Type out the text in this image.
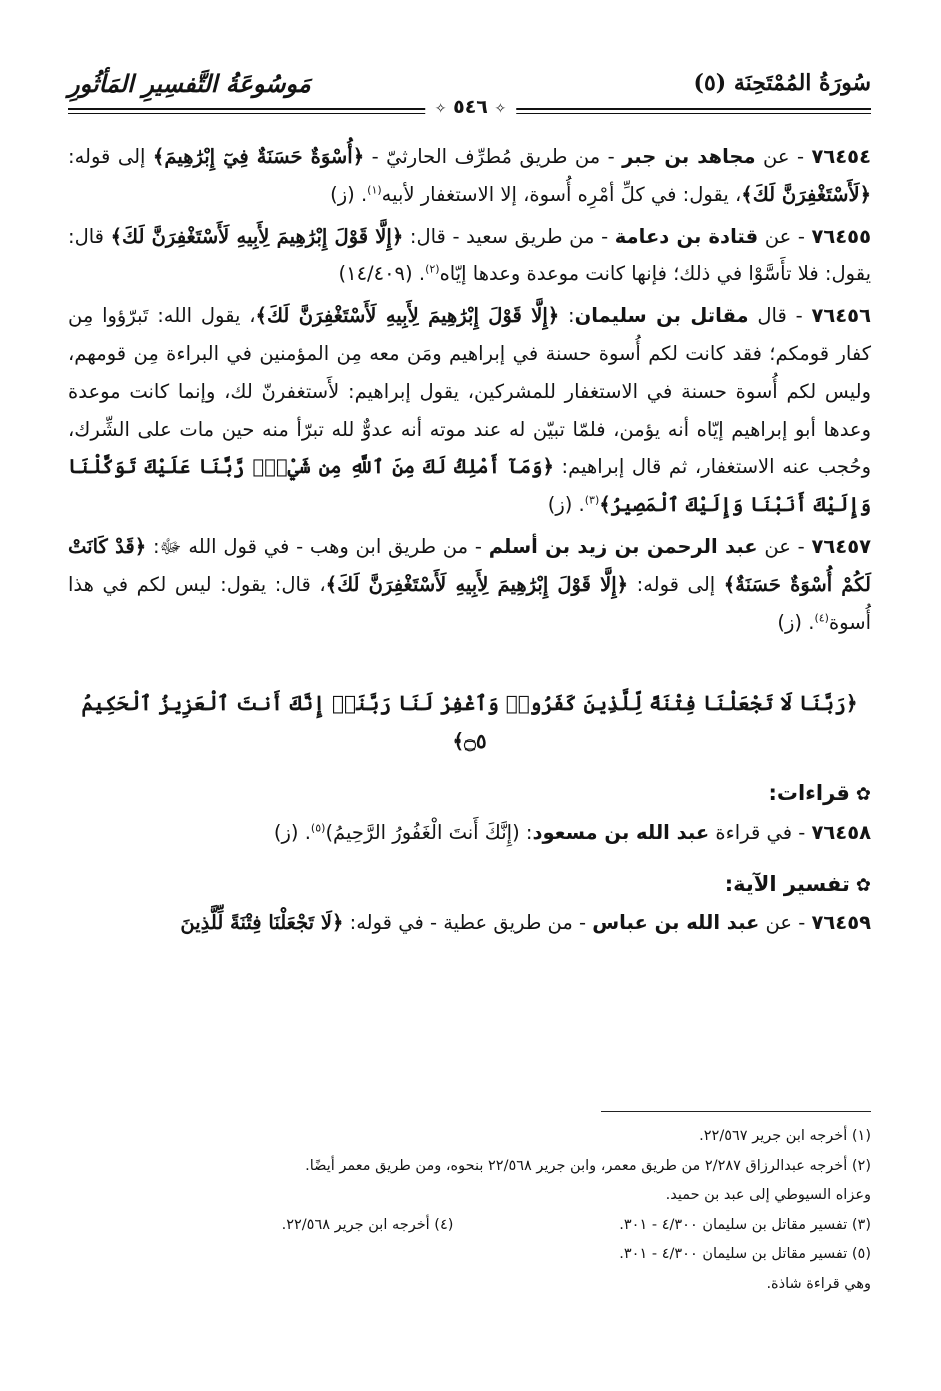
سُورَةُ المُمْتَحِنَة (٥)
مَوسُوعَةُ التَّفسِيرِ المَأثُورِ
✧ ٥٤٦ ✧

٧٦٤٥٤ - عن مجاهد بن جبر - من طريق مُطرِّف الحارثيّ - ﴿أُسْوَةٌ حَسَنَةٌ فِيٓ إِبْرَٰهِيمَ﴾ إلى قوله: ﴿لَأَسْتَغْفِرَنَّ لَكَ﴾، يقول: في كلِّ أمْرِه أُسوة، إلا الاستغفار لأبيه$^{(١)}$. (ز)

٧٦٤٥٥ - عن قتادة بن دعامة - من طريق سعيد - قال: ﴿إِلَّا قَوْلَ إِبْرَٰهِيمَ لِأَبِيهِ لَأَسْتَغْفِرَنَّ لَكَ﴾ قال: يقول: فلا تأَسَّوْا في ذلك؛ فإنها كانت موعدة وعدها إيّاه$^{(٢)}$. (١٤/٤٠٩)

٧٦٤٥٦ - قال مقاتل بن سليمان: ﴿إِلَّا قَوْلَ إِبْرَٰهِيمَ لِأَبِيهِ لَأَسْتَغْفِرَنَّ لَكَ﴾، يقول الله: تَبرّؤوا مِن كفار قومكم؛ فقد كانت لكم أُسوة حسنة في إبراهيم ومَن معه مِن المؤمنين في البراءة مِن قومهم، وليس لكم أُسوة حسنة في الاستغفار للمشركين، يقول إبراهيم: لأَستغفرنّ لك، وإنما كانت موعدة وعدها أبو إبراهيم إيّاه أنه يؤمن، فلمّا تبيّن له عند موته أنه عدوٌّ لله تبرّأ منه حين مات على الشِّرك، وحُجب عنه الاستغفار، ثم قال إبراهيم: ﴿وَمَآ أَمْلِكُ لَكَ مِنَ ٱللَّهِ مِن شَيْءٍۖ رَّبَّنَا عَلَيْكَ تَوَكَّلْنَا وَإِلَيْكَ أَنَبْنَا وَإِلَيْكَ ٱلْمَصِيرُ﴾$^{(٣)}$. (ز)

٧٦٤٥٧ - عن عبد الرحمن بن زيد بن أسلم - من طريق ابن وهب - في قول الله ﷻ: ﴿قَدْ كَانَتْ لَكُمْ أُسْوَةٌ حَسَنَةٌ﴾ إلى قوله: ﴿إِلَّا قَوْلَ إِبْرَٰهِيمَ لِأَبِيهِ لَأَسْتَغْفِرَنَّ لَكَ﴾، قال: يقول: ليس لكم في هذا أُسوة$^{(٤)}$. (ز)

﴿رَبَّنَا لَا تَجْعَلْنَا فِتْنَةً لِّلَّذِينَ كَفَرُوا۟ وَٱغْفِرْ لَنَا رَبَّنَآۖ إِنَّكَ أَنتَ ٱلْعَزِيزُ ٱلْحَكِيمُ ۝٥﴾
✿قراءات:

٧٦٤٥٨ - في قراءة عبد الله بن مسعود: (إِنَّكَ أَنتَ الْغَفُورُ الرَّحِيمُ)$^{(٥)}$. (ز)

✿تفسير الآية:

٧٦٤٥٩ - عن عبد الله بن عباس - من طريق عطية - في قوله: ﴿لَا تَجْعَلْنَا فِتْنَةً لِّلَّذِينَ

(١) أخرجه ابن جرير ٢٢/٥٦٧.
(٢) أخرجه عبدالرزاق ٢/٢٨٧ من طريق معمر، وابن جرير ٢٢/٥٦٨ بنحوه، ومن طريق معمر أيضًا.
وعزاه السيوطي إلى عبد بن حميد.
(٣) تفسير مقاتل بن سليمان ٤/٣٠٠ - ٣٠١.
(٤) أخرجه ابن جرير ٢٢/٥٦٨.
(٥) تفسير مقاتل بن سليمان ٤/٣٠٠ - ٣٠١.
وهي قراءة شاذة.
